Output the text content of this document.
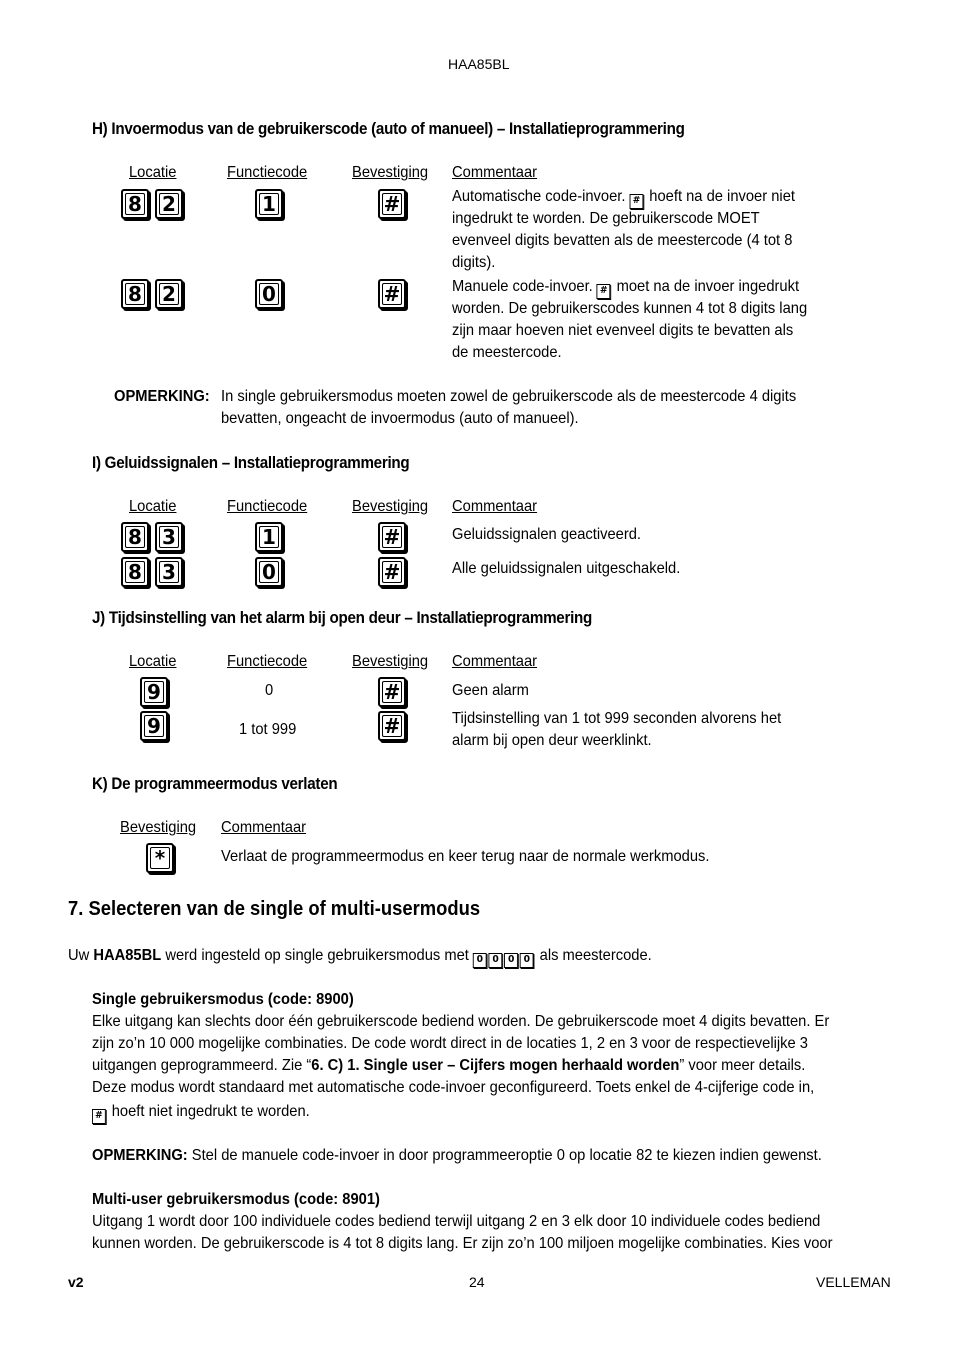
HAA85BL
H) Invoermodus van de gebruikerscode (auto of manueel) – Installatieprogrammering
Locatie	Functiecode	Bevestiging Commentaar
8	2	1	#	Automatische code-invoer. # hoeft na de invoer niet
ingedrukt te worden. De gebruikerscode MOET
evenveel digits bevatten als de meestercode (4 tot 8
digits).
8	2	0	#	Manuele code-invoer. # moet na de invoer ingedrukt
worden. De gebruikerscodes kunnen 4 tot 8 digits lang
zijn maar hoeven niet evenveel digits te bevatten als
de meestercode.
OPMERKING: In single gebruikersmodus moeten zowel de gebruikerscode als de meestercode 4 digits
bevatten, ongeacht de invoermodus (auto of manueel).
I) Geluidssignalen – Installatieprogrammering
Locatie	Functiecode	Bevestiging Commentaar
8	3	1	#	Geluidssignalen geactiveerd.
8	3	0	#	Alle geluidssignalen uitgeschakeld.
J) Tijdsinstelling van het alarm bij open deur – Installatieprogrammering
Locatie	Functiecode	Bevestiging Commentaar
9	0	#	Geen alarm
9	1 tot 999	#	Tijdsinstelling van 1 tot 999 seconden alvorens het
alarm bij open deur weerklinkt.
K) De programmeermodus verlaten
Bevestiging Commentaar
*	Verlaat de programmeermodus en keer terug naar de normale werkmodus.
7. Selecteren van de single of multi-usermodus
Uw HAA85BL werd ingesteld op single gebruikersmodus met 0 0 0 0 als meestercode.
Single gebruikersmodus (code: 8900)
Elke uitgang kan slechts door één gebruikerscode bediend worden. De gebruikerscode moet 4 digits bevatten. Er
zijn zo’n 10 000 mogelijke combinaties. De code wordt direct in de locaties 1, 2 en 3 voor de respectievelijke 3
uitgangen geprogrammeerd. Zie “6. C) 1. Single user – Cijfers mogen herhaald worden” voor meer details.
Deze modus wordt standaard met automatische code-invoer geconfigureerd. Toets enkel de 4-cijferige code in,
# hoeft niet ingedrukt te worden.
OPMERKING: Stel de manuele code-invoer in door programmeeroptie 0 op locatie 82 te kiezen indien gewenst.
Multi-user gebruikersmodus (code: 8901)
Uitgang 1 wordt door 100 individuele codes bediend terwijl uitgang 2 en 3 elk door 10 individuele codes bediend
kunnen worden. De gebruikerscode is 4 tot 8 digits lang. Er zijn zo’n 100 miljoen mogelijke combinaties. Kies voor
v2	24	VELLEMAN
